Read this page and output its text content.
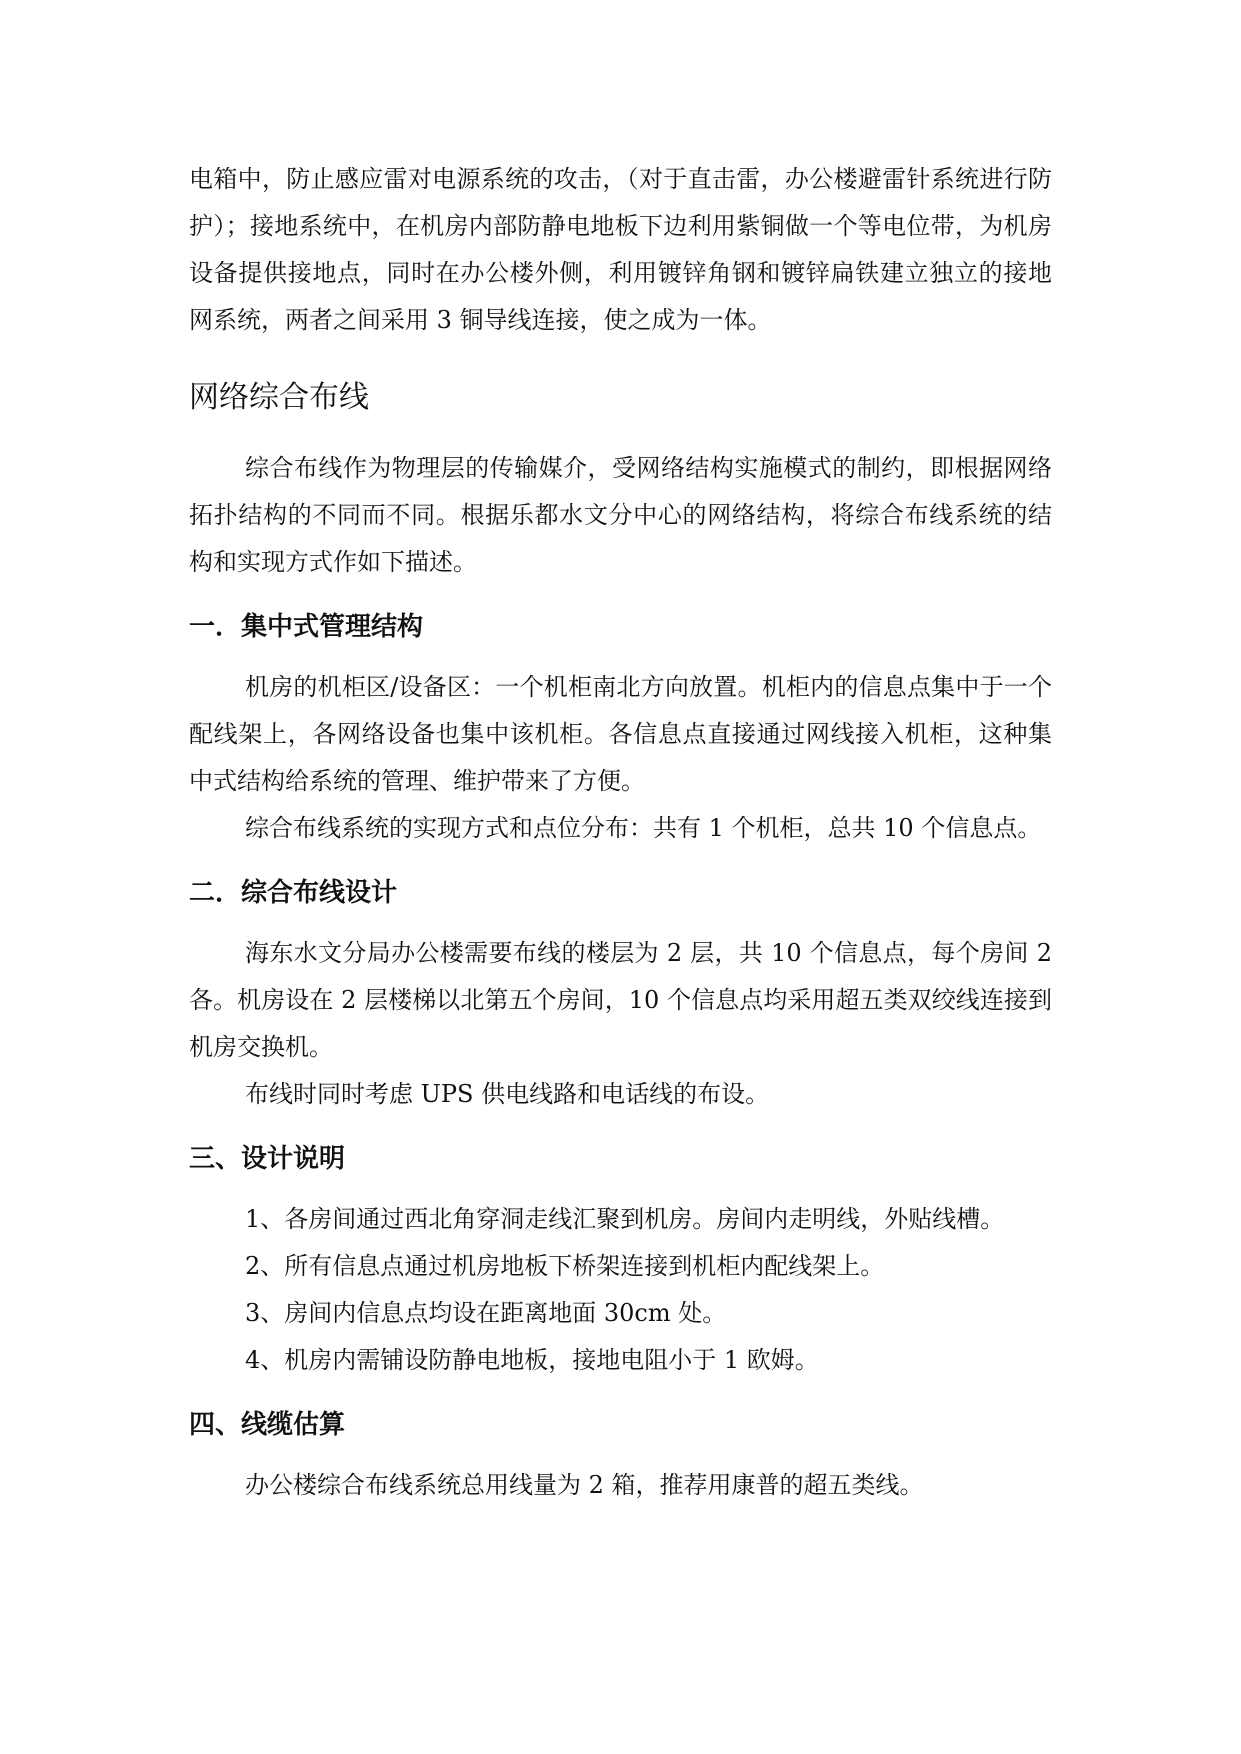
电箱中，防止感应雷对电源系统的攻击，（对于直击雷，办公楼避雷针系统进行防护）；接地系统中，在机房内部防静电地板下边利用紫铜做一个等电位带，为机房设备提供接地点，同时在办公楼外侧，利用镀锌角钢和镀锌扁铁建立独立的接地网系统，两者之间采用 3 铜导线连接，使之成为一体。

网络综合布线

综合布线作为物理层的传输媒介，受网络结构实施模式的制约，即根据网络拓扑结构的不同而不同。根据乐都水文分中心的网络结构，将综合布线系统的结构和实现方式作如下描述。

一．集中式管理结构

机房的机柜区/设备区：一个机柜南北方向放置。机柜内的信息点集中于一个配线架上，各网络设备也集中该机柜。各信息点直接通过网线接入机柜，这种集中式结构给系统的管理、维护带来了方便。

综合布线系统的实现方式和点位分布：共有 1 个机柜，总共 10 个信息点。

二．综合布线设计

海东水文分局办公楼需要布线的楼层为 2 层，共 10 个信息点，每个房间 2 各。机房设在 2 层楼梯以北第五个房间，10 个信息点均采用超五类双绞线连接到机房交换机。

布线时同时考虑 UPS 供电线路和电话线的布设。

三、设计说明

1、各房间通过西北角穿洞走线汇聚到机房。房间内走明线，外贴线槽。

2、所有信息点通过机房地板下桥架连接到机柜内配线架上。

3、房间内信息点均设在距离地面 30cm 处。

4、机房内需铺设防静电地板，接地电阻小于 1 欧姆。

四、线缆估算

办公楼综合布线系统总用线量为 2 箱，推荐用康普的超五类线。
